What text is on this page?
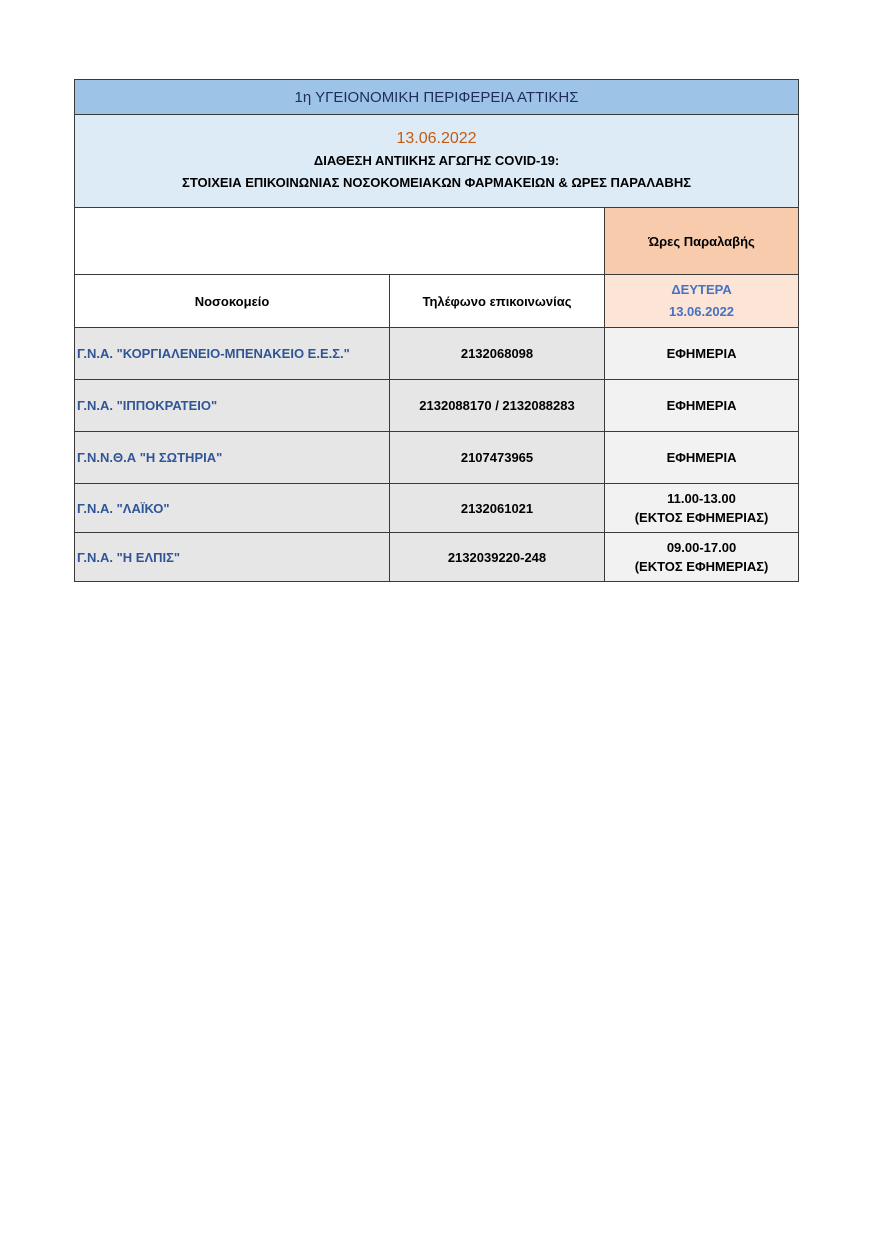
1η ΥΓΕΙΟΝΟΜΙΚΗ ΠΕΡΙΦΕΡΕΙΑ ΑΤΤΙΚΗΣ		

13.06.2022
ΔΙΑΘΕΣΗ ΑΝΤΙΙΚΗΣ ΑΓΩΓΗΣ COVID-19:
ΣΤΟΙΧΕΙΑ ΕΠΙΚΟΙΝΩΝΙΑΣ ΝΟΣΟΚΟΜΕΙΑΚΩΝ ΦΑΡΜΑΚΕΙΩΝ & ΩΡΕΣ ΠΑΡΑΛΑΒΗΣ		

		Ώρες Παραλαβής
Νοσοκομείο	Τηλέφωνο επικοινωνίας	ΔΕΥΤΕΡΑ
13.06.2022

Γ.Ν.Α. "ΚΟΡΓΙΑΛΕΝΕΙΟ-ΜΠΕΝΑΚΕΙΟ Ε.Ε.Σ."	2132068098	ΕΦΗΜΕΡΙΑ

Γ.Ν.Α. "ΙΠΠΟΚΡΑΤΕΙΟ"	2132088170 / 2132088283	ΕΦΗΜΕΡΙΑ

Γ.Ν.Ν.Θ.Α "Η ΣΩΤΗΡΙΑ"	2107473965	ΕΦΗΜΕΡΙΑ

Γ.Ν.Α. "ΛΑΪΚΟ"	2132061021	11.00-13.00
(ΕΚΤΟΣ ΕΦΗΜΕΡΙΑΣ)

Γ.Ν.Α. "Η ΕΛΠΙΣ"	2132039220-248	09.00-17.00
(ΕΚΤΟΣ ΕΦΗΜΕΡΙΑΣ)
